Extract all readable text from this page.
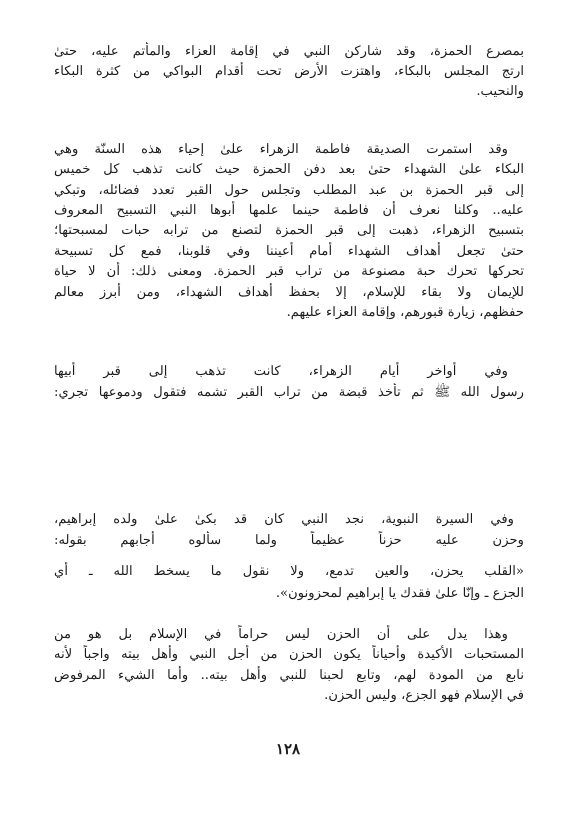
بمصرع الحمزة، وقد شاركن النبي في إقامة العزاء والمأتم عليه، حتىٰ
ارتج المجلس بالبكاء، واهتزت الأرض تحت أقدام البواكي من كثرة البكاء
والنحيب.
وقد استمرت الصديقة فاطمة الزهراء علىٰ إحياء هذه السنّة وهي
البكاء علىٰ الشهداء حتىٰ بعد دفن الحمزة حيث كانت تذهب كل خميس
إلى قبر الحمزة بن عبد المطلب وتجلس حول القبر تعدد فضائله، وتبكي
عليه.. وكلنا نعرف أن فاطمة حينما علمها أبوها النبي التسبيح المعروف
بتسبيح الزهراء، ذهبت إلى قبر الحمزة لتصنع من ترابه حبات لمسبحتها؛
حتىٰ تجعل أهداف الشهداء أمام أعيننا وفي قلوبنا، فمع كل تسبيحة
تحركها تحرك حبة مصنوعة من تراب قبر الحمزة. ومعنى ذلك: أن لا حياة
للإيمان ولا بقاء للإسلام، إلا بحفظ أهداف الشهداء، ومن أبرز معالم
حفظهم، زيارة قبورهم، وإقامة العزاء عليهم.
وفي أواخر أيام الزهراء، كانت تذهب إلى قبر أبيها
رسول الله ﷺ ثم تأخذ قبضة من تراب القبر تشمه فتقول ودموعها تجري:
وفي السيرة النبوية، نجد النبي كان قد بكىٰ علىٰ ولده إبراهيم،
وحزن عليه حزناً عظيماً ولما سألوه أجابهم بقوله:
«القلب يحزن، والعين تدمع، ولا نقول ما يسخط الله ـ أي
الجزع ـ وإنّا علىٰ فقدك يا إبراهيم لمحزونون».
وهذا يدل على أن الحزن ليس حراماً في الإسلام بل هو من
المستحبات الأكيدة وأحياناً يكون الحزن من أجل النبي وأهل بيته واجباً لأنه
نابع من المودة لهم، وتابع لحبنا للنبي وأهل بيته.. وأما الشيء المرفوض
في الإسلام فهو الجزع، وليس الحزن.
١٢٨
